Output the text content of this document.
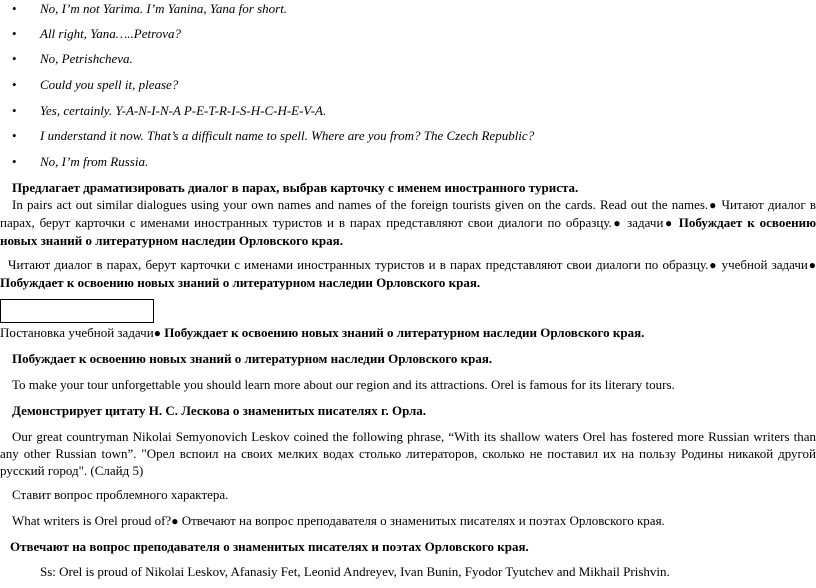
• No, I’m not Yarima. I’m Yanina, Yana for short.
• All right, Yana…..Petrova?
• No, Petrishcheva.
• Could you spell it, please?
• Yes, certainly. Y-A-N-I-N-A P-E-T-R-I-S-H-C-H-E-V-A.
• I understand it now. That’s a difficult name to spell. Where are you from? The Czech Republic?
• No, I’m from Russia.
Предлагает драматизировать диалог в парах, выбрав карточку с именем иностранного туриста.
In pairs act out similar dialogues using your own names and names of the foreign tourists given on the cards. Read out the names.● Читают диалог в парах, берут карточки с именами иностранных туристов и в парах представляют свои диалоги по образцу.● задачи● Побуждает к освоению новых знаний о литературном наследии Орловского края.
Читают диалог в парах, берут карточки с именами иностранных туристов и в парах представляют свои диалоги по образцу.● учебной задачи● Побуждает к освоению новых знаний о литературном наследии Орловского края.
Постановка учебной задачи● Побуждает к освоению новых знаний о литературном наследии Орловского края.
Побуждает к освоению новых знаний о литературном наследии Орловского края.
To make your tour unforgettable you should learn more about our region and its attractions. Orel is famous for its literary tours.
Демонстрирует цитату Н. С. Лескова о знаменитых писателях г. Орла.
Our great countryman Nikolai Semyonovich Leskov coined the following phrase, “With its shallow waters Orel has fostered more Russian writers than any other Russian town”. "Орел вспоил на своих мелких водах столько литераторов, сколько не поставил их на пользу Родины никакой другой русский город". (Слайд 5)
Ставит вопрос проблемного характера.
What writers is Orel proud of?● Отвечают на вопрос преподавателя о знаменитых писателях и поэтах Орловского края.
Отвечают на вопрос преподавателя о знаменитых писателях и поэтах Орловского края.
Ss: Orel is proud of Nikolai Leskov, Afanasiy Fet, Leonid Andreyev, Ivan Bunin, Fyodor Tyutchev and Mikhail Prishvin.
